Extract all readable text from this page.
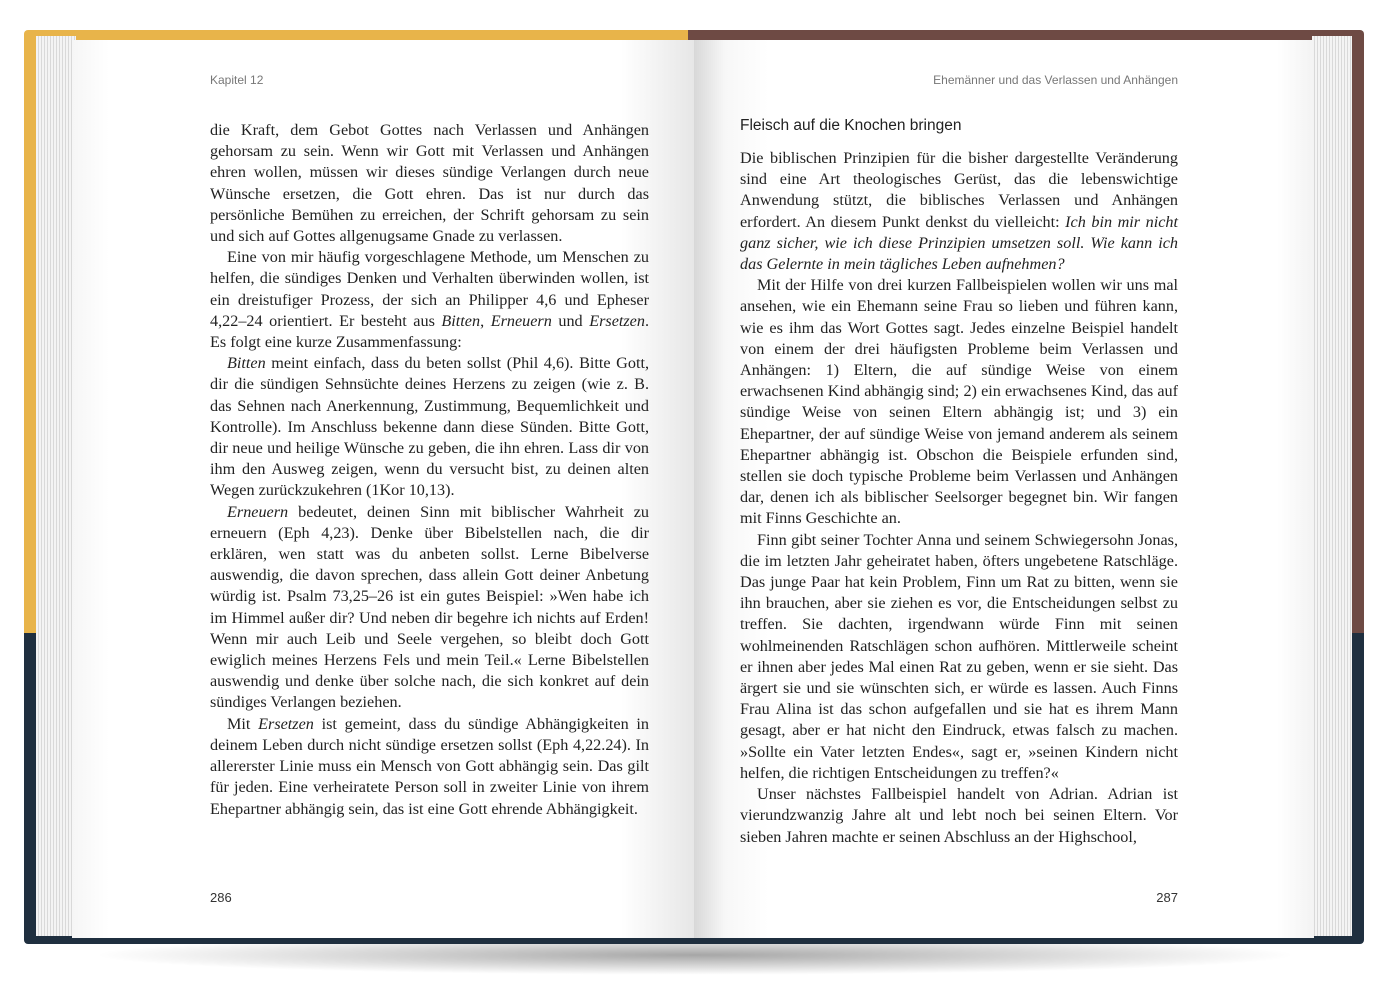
Kapitel 12

die Kraft, dem Gebot Gottes nach Verlassen und Anhängen gehorsam zu sein. Wenn wir Gott mit Verlassen und Anhängen ehren wollen, müssen wir dieses sündige Verlangen durch neue Wünsche ersetzen, die Gott ehren. Das ist nur durch das persönliche Bemühen zu erreichen, der Schrift gehorsam zu sein und sich auf Gottes allgenugsame Gnade zu verlassen.

Eine von mir häufig vorgeschlagene Methode, um Menschen zu helfen, die sündiges Denken und Verhalten überwinden wollen, ist ein dreistufiger Prozess, der sich an Philipper 4,6 und Epheser 4,22–24 orientiert. Er besteht aus Bitten, Erneuern und Ersetzen. Es folgt eine kurze Zusammenfassung:

Bitten meint einfach, dass du beten sollst (Phil 4,6). Bitte Gott, dir die sündigen Sehnsüchte deines Herzens zu zeigen (wie z. B. das Sehnen nach Anerkennung, Zustimmung, Bequemlichkeit und Kontrolle). Im Anschluss bekenne dann diese Sünden. Bitte Gott, dir neue und heilige Wünsche zu geben, die ihn ehren. Lass dir von ihm den Ausweg zeigen, wenn du versucht bist, zu deinen alten Wegen zurückzukehren (1Kor 10,13).

Erneuern bedeutet, deinen Sinn mit biblischer Wahrheit zu erneuern (Eph 4,23). Denke über Bibelstellen nach, die dir erklären, wen statt was du anbeten sollst. Lerne Bibelverse auswendig, die davon sprechen, dass allein Gott deiner Anbetung würdig ist. Psalm 73,25–26 ist ein gutes Beispiel: »Wen habe ich im Himmel außer dir? Und neben dir begehre ich nichts auf Erden! Wenn mir auch Leib und Seele vergehen, so bleibt doch Gott ewiglich meines Herzens Fels und mein Teil.« Lerne Bibelstellen auswendig und denke über solche nach, die sich konkret auf dein sündiges Verlangen beziehen.

Mit Ersetzen ist gemeint, dass du sündige Abhängigkeiten in deinem Leben durch nicht sündige ersetzen sollst (Eph 4,22.24). In allererster Linie muss ein Mensch von Gott abhängig sein. Das gilt für jeden. Eine verheiratete Person soll in zweiter Linie von ihrem Ehepartner abhängig sein, das ist eine Gott ehrende Abhängigkeit.

286
Ehemänner und das Verlassen und Anhängen
Fleisch auf die Knochen bringen

Die biblischen Prinzipien für die bisher dargestellte Veränderung sind eine Art theologisches Gerüst, das die lebenswichtige Anwendung stützt, die biblisches Verlassen und Anhängen erfordert. An diesem Punkt denkst du vielleicht: Ich bin mir nicht ganz sicher, wie ich diese Prinzipien umsetzen soll. Wie kann ich das Gelernte in mein tägliches Leben aufnehmen?

Mit der Hilfe von drei kurzen Fallbeispielen wollen wir uns mal ansehen, wie ein Ehemann seine Frau so lieben und führen kann, wie es ihm das Wort Gottes sagt. Jedes einzelne Beispiel handelt von einem der drei häufigsten Probleme beim Verlassen und Anhängen: 1) Eltern, die auf sündige Weise von einem erwachsenen Kind abhängig sind; 2) ein erwachsenes Kind, das auf sündige Weise von seinen Eltern abhängig ist; und 3) ein Ehepartner, der auf sündige Weise von jemand anderem als seinem Ehepartner abhängig ist. Obschon die Beispiele erfunden sind, stellen sie doch typische Probleme beim Verlassen und Anhängen dar, denen ich als biblischer Seelsorger begegnet bin. Wir fangen mit Finns Geschichte an.

Finn gibt seiner Tochter Anna und seinem Schwiegersohn Jonas, die im letzten Jahr geheiratet haben, öfters ungebetene Ratschläge. Das junge Paar hat kein Problem, Finn um Rat zu bitten, wenn sie ihn brauchen, aber sie ziehen es vor, die Entscheidungen selbst zu treffen. Sie dachten, irgendwann würde Finn mit seinen wohlmeinenden Ratschlägen schon aufhören. Mittlerweile scheint er ihnen aber jedes Mal einen Rat zu geben, wenn er sie sieht. Das ärgert sie und sie wünschten sich, er würde es lassen. Auch Finns Frau Alina ist das schon aufgefallen und sie hat es ihrem Mann gesagt, aber er hat nicht den Eindruck, etwas falsch zu machen. »Sollte ein Vater letzten Endes«, sagt er, »seinen Kindern nicht helfen, die richtigen Entscheidungen zu treffen?«

Unser nächstes Fallbeispiel handelt von Adrian. Adrian ist vierundzwanzig Jahre alt und lebt noch bei seinen Eltern. Vor sieben Jahren machte er seinen Abschluss an der Highschool,

287
